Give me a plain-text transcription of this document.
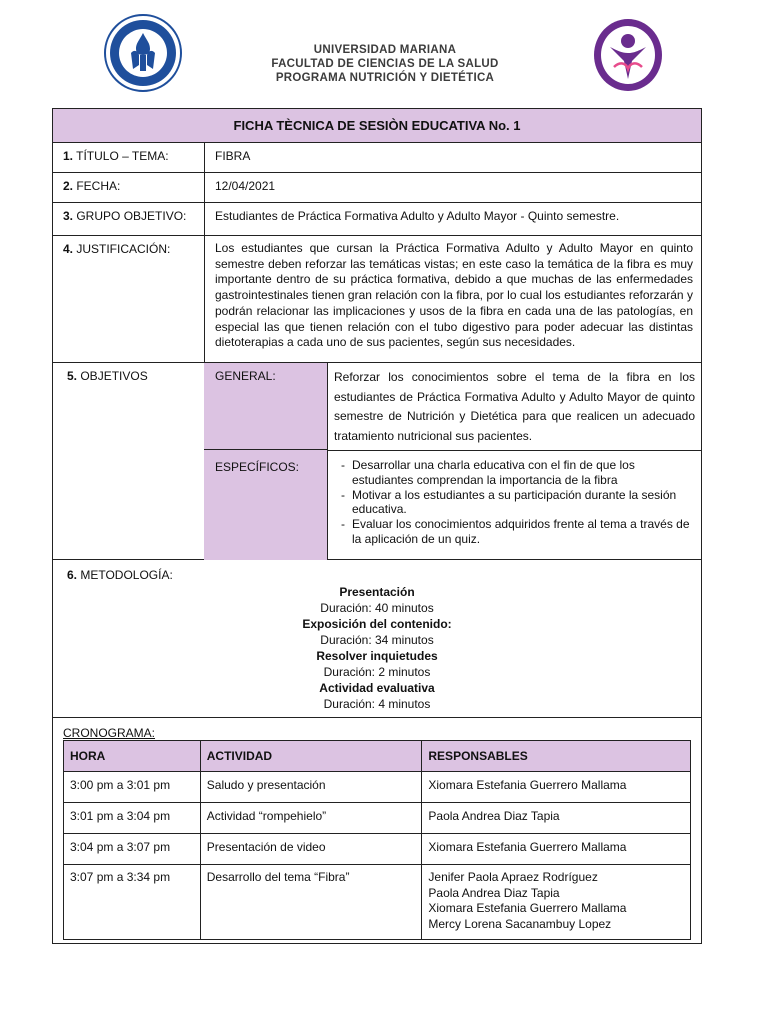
UNIVERSIDAD MARIANA
FACULTAD DE CIENCIAS DE LA SALUD
PROGRAMA NUTRICIÓN Y DIETÉTICA
FICHA TÈCNICA DE SESIÒN EDUCATIVA No. 1
1. TÍTULO – TEMA:	FIBRA
2. FECHA:	12/04/2021
3. GRUPO OBJETIVO: Estudiantes de Práctica Formativa Adulto y Adulto Mayor - Quinto semestre.
4. JUSTIFICACIÓN:	Los estudiantes que cursan la Práctica Formativa Adulto y Adulto Mayor en quinto semestre deben reforzar las temáticas vistas; en este caso la temática de la fibra es muy importante dentro de su práctica formativa, debido a que muchas de las enfermedades gastrointestinales tienen gran relación con la fibra, por lo cual los estudiantes reforzarán y podrán relacionar las implicaciones y usos de la fibra en cada una de las patologías, en especial las que tienen relación con el tubo digestivo para poder adecuar las distintas dietoterapias a cada uno de sus pacientes, según sus necesidades.
5. OBJETIVOS	GENERAL:	Reforzar los conocimientos sobre el tema de la fibra en los estudiantes de Práctica Formativa Adulto y Adulto Mayor de quinto semestre de Nutrición y Dietética para que realicen un adecuado tratamiento nutricional sus pacientes.
ESPECÍFICOS:	- Desarrollar una charla educativa con el fin de que los estudiantes comprendan la importancia de la fibra
- Motivar a los estudiantes a su participación durante la sesión educativa.
- Evaluar los conocimientos adquiridos frente al tema a través de la aplicación de un quiz.
6. METODOLOGÍA:
Presentación
Duración: 40 minutos
Exposición del contenido:
Duración: 34 minutos
Resolver inquietudes
Duración: 2 minutos
Actividad evaluativa
Duración: 4 minutos
CRONOGRAMA:
HORA	ACTIVIDAD	RESPONSABLES
3:00 pm a 3:01 pm	Saludo y presentación	Xiomara Estefania Guerrero Mallama

3:01 pm a 3:04 pm	Actividad “rompehielo”	Paola Andrea Diaz Tapia

3:04 pm a 3:07 pm	Presentación de video	Xiomara Estefania Guerrero Mallama

3:07 pm a 3:34 pm	Desarrollo del tema “Fibra”	Jenifer Paola Apraez Rodríguez
Paola Andrea Diaz Tapia
Xiomara Estefania Guerrero Mallama
Mercy Lorena Sacanambuy Lopez
